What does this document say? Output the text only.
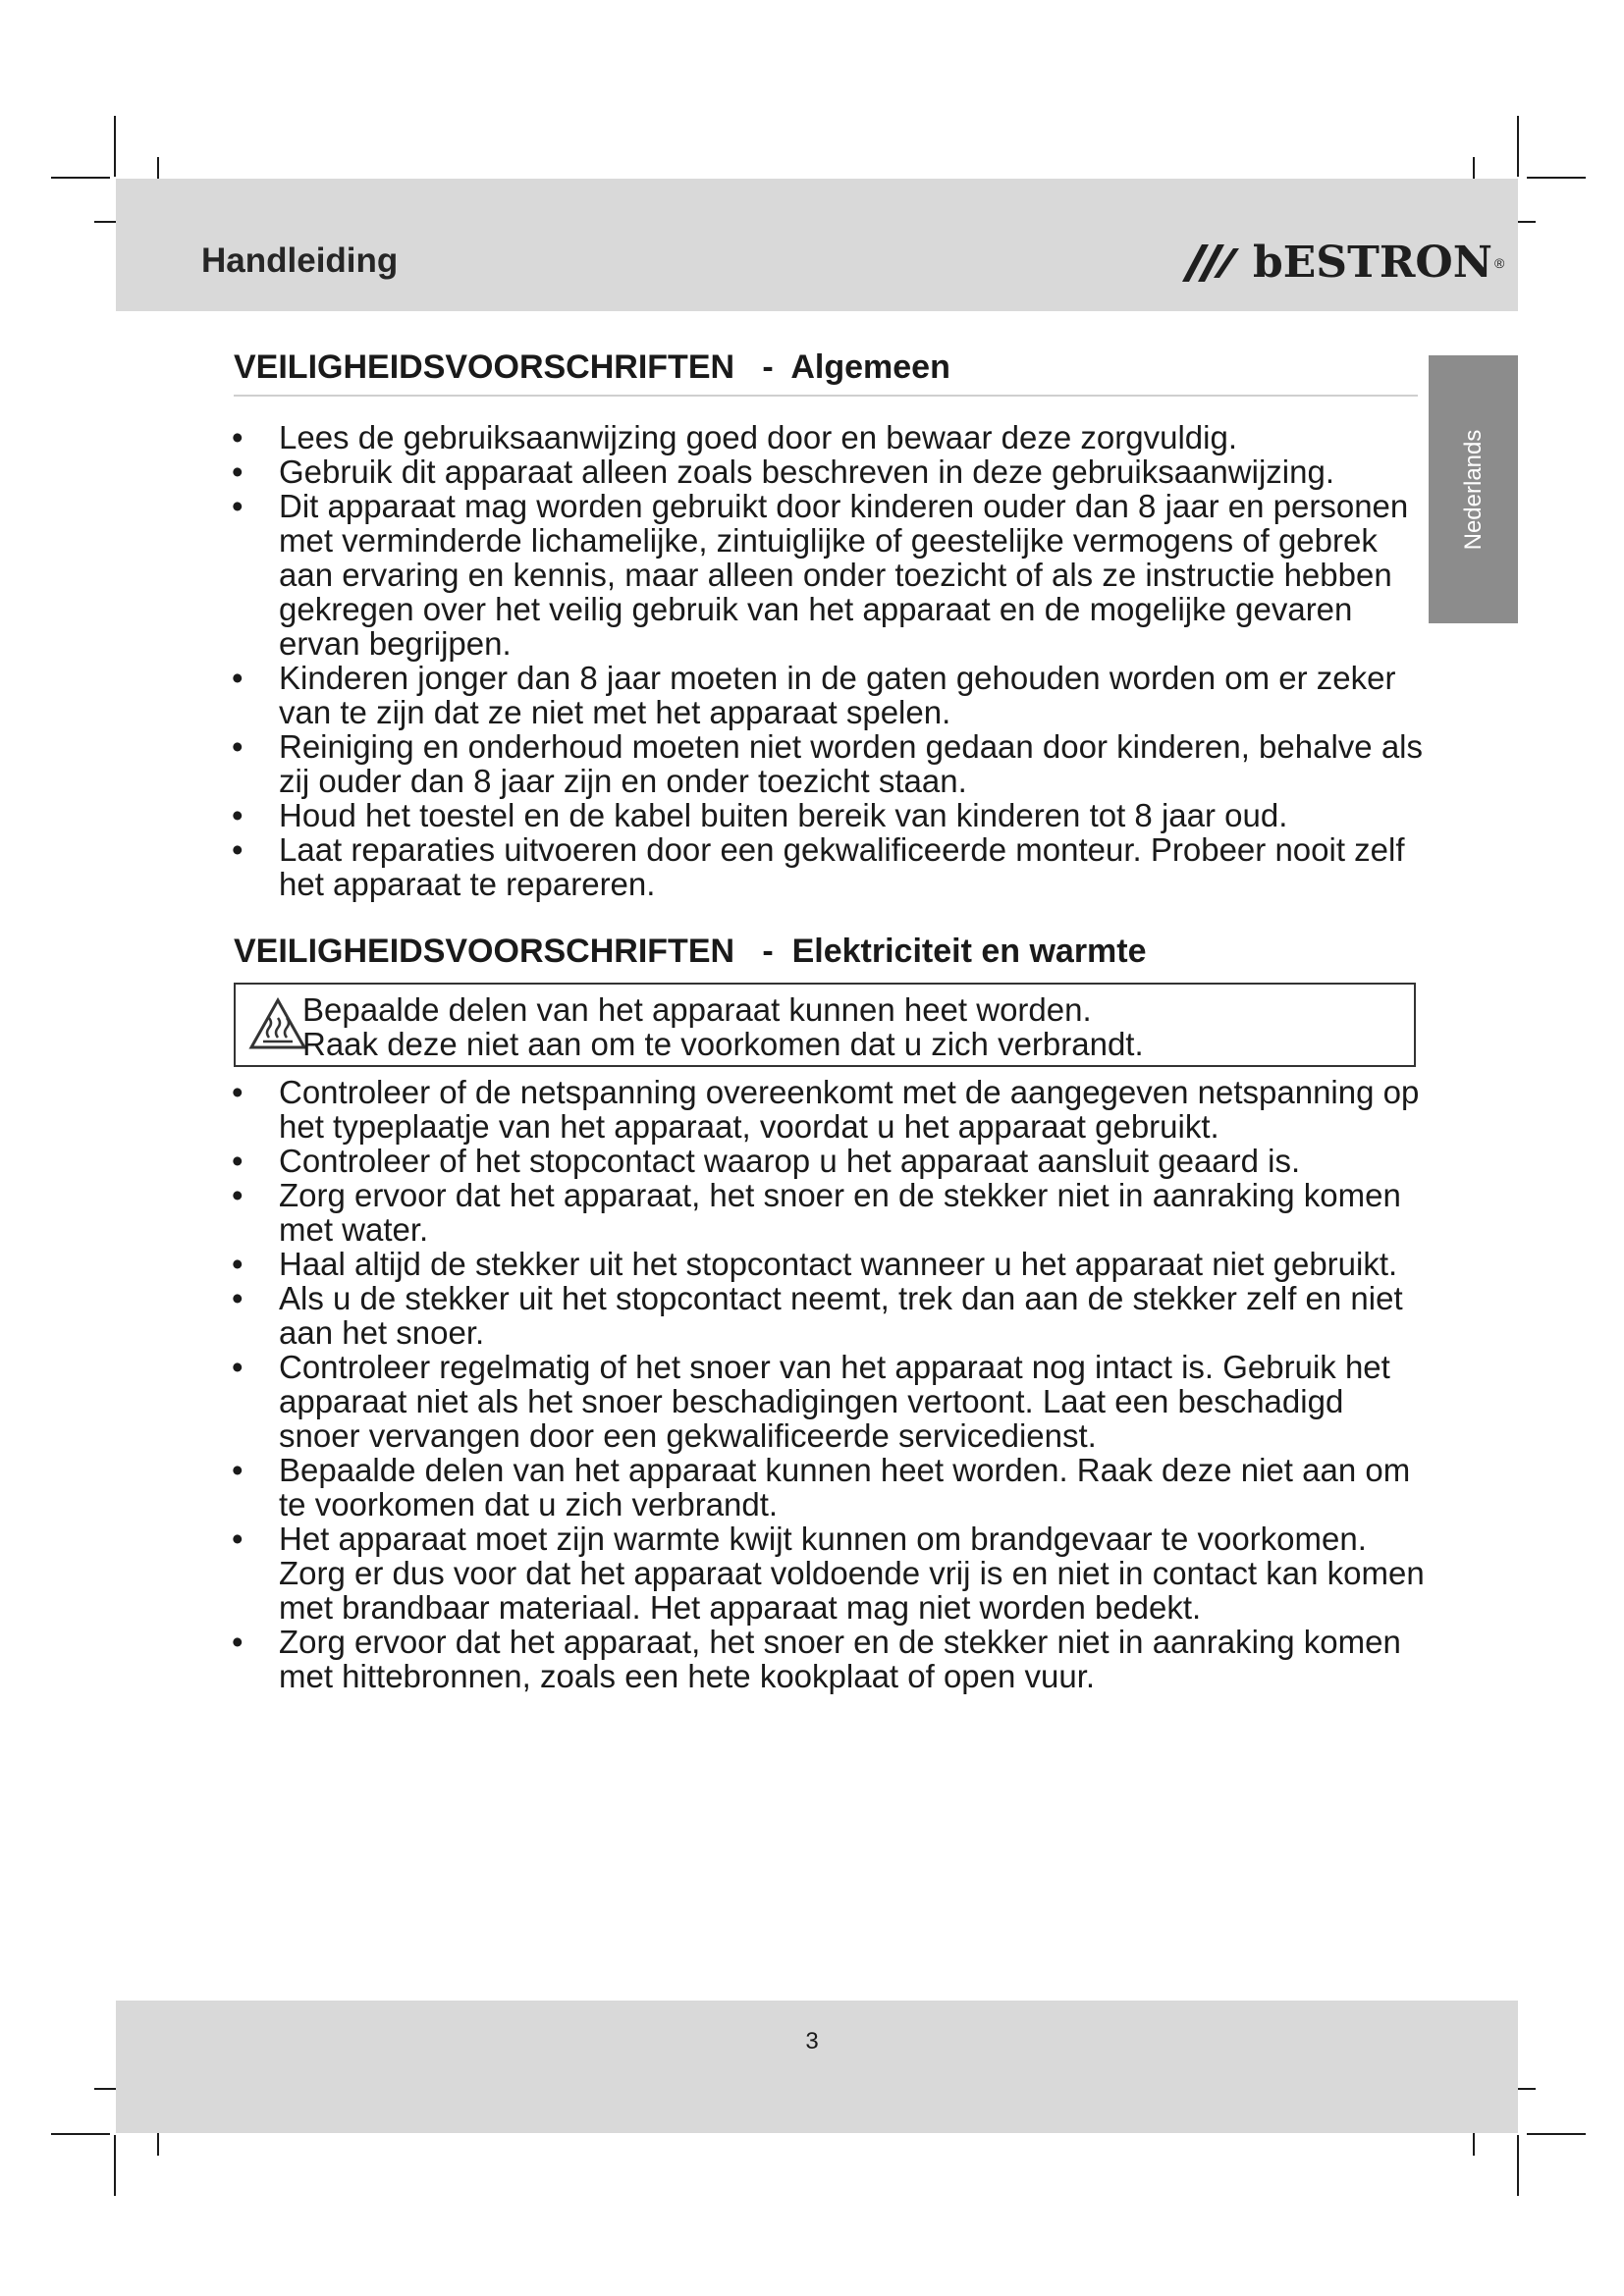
Handleiding	bESTRON ®
Nederlands
VEILIGHEIDSVOORSCHRIFTEN   -  Algemeen
• Lees de gebruiksaanwijzing goed door en bewaar deze zorgvuldig.
• Gebruik dit apparaat alleen zoals beschreven in deze gebruiksaanwijzing.
• Dit apparaat mag worden gebruikt door kinderen ouder dan 8 jaar en personen met verminderde lichamelijke, zintuiglijke of geestelijke vermogens of gebrek aan ervaring en kennis, maar alleen onder toezicht of als ze instructie hebben gekregen over het veilig gebruik van het apparaat en de mogelijke gevaren ervan begrijpen.
• Kinderen jonger dan 8 jaar moeten in de gaten gehouden worden om er zeker van te zijn dat ze niet met het apparaat spelen.
• Reiniging en onderhoud moeten niet worden gedaan door kinderen, behalve als zij ouder dan 8 jaar zijn en onder toezicht staan.
• Houd het toestel en de kabel buiten bereik van kinderen tot 8 jaar oud.
• Laat reparaties uitvoeren door een gekwalificeerde monteur. Probeer nooit zelf het apparaat te repareren.
VEILIGHEIDSVOORSCHRIFTEN   -  Elektriciteit en warmte
Bepaalde delen van het apparaat kunnen heet worden.
Raak deze niet aan om te voorkomen dat u zich verbrandt.
• Controleer of de netspanning overeenkomt met de aangegeven netspanning op het typeplaatje van het apparaat, voordat u het apparaat gebruikt.
• Controleer of het stopcontact waarop u het apparaat aansluit geaard is.
• Zorg ervoor dat het apparaat, het snoer en de stekker niet in aanraking komen met water.
• Haal altijd de stekker uit het stopcontact wanneer u het apparaat niet gebruikt.
• Als u de stekker uit het stopcontact neemt, trek dan aan de stekker zelf en niet aan het snoer.
• Controleer regelmatig of het snoer van het apparaat nog intact is. Gebruik het apparaat niet als het snoer beschadigingen vertoont. Laat een beschadigd snoer vervangen door een gekwalificeerde servicedienst.
• Bepaalde delen van het apparaat kunnen heet worden. Raak deze niet aan om te voorkomen dat u zich verbrandt.
• Het apparaat moet zijn warmte kwijt kunnen om brandgevaar te voorkomen. Zorg er dus voor dat het apparaat voldoende vrij is en niet in contact kan komen met brandbaar materiaal. Het apparaat mag niet worden bedekt.
• Zorg ervoor dat het apparaat, het snoer en de stekker niet in aanraking komen met hittebronnen, zoals een hete kookplaat of open vuur.
3
